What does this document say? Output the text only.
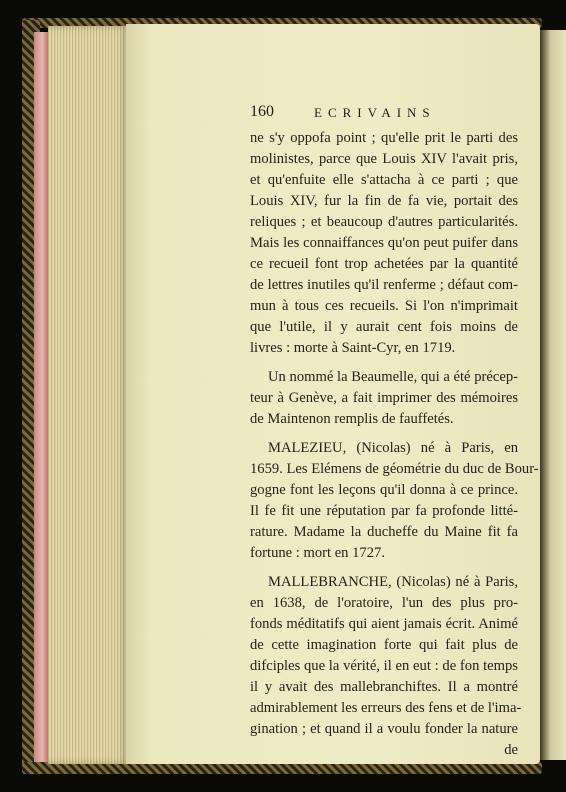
160	ECRIVAINS
ne s'y oppofa point ; qu'elle prit le parti des
molinistes, parce que Louis XIV l'avait pris,
et qu'enfuite elle s'attacha à ce parti ; que
Louis XIV, fur la fin de fa vie, portait des
reliques ; et beaucoup d'autres particularités.
Mais les connaiffances qu'on peut puifer dans
ce recueil font trop achetées par la quantité
de lettres inutiles qu'il renferme ; défaut com-
mun à tous ces recueils. Si l'on n'imprimait
que l'utile, il y aurait cent fois moins de
livres : morte à Saint-Cyr, en 1719.
Un nommé la Beaumelle, qui a été précep-
teur à Genève, a fait imprimer des mémoires
de Maintenon remplis de fauffetés.
MALEZIEU, (Nicolas) né à Paris, en
1659. Les Elémens de géométrie du duc de Bour-
gogne font les leçons qu'il donna à ce prince.
Il fe fit une réputation par fa profonde litté-
rature. Madame la ducheffe du Maine fit fa
fortune : mort en 1727.
MALLEBRANCHE, (Nicolas) né à Paris,
en 1638, de l'oratoire, l'un des plus pro-
fonds méditatifs qui aient jamais écrit. Animé
de cette imagination forte qui fait plus de
difciples que la vérité, il en eut : de fon temps
il y avait des mallebranchiftes. Il a montré
admirablement les erreurs des fens et de l'ima-
gination ; et quand il a voulu fonder la nature
de
